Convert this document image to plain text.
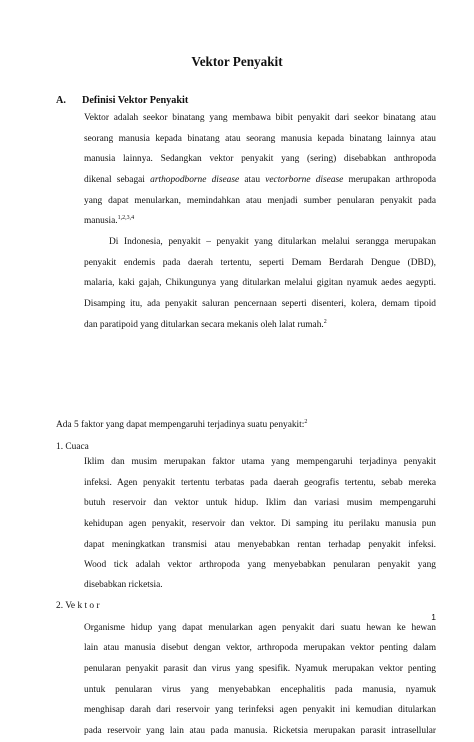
Vektor Penyakit
A. Definisi Vektor Penyakit
Vektor adalah seekor binatang yang membawa bibit penyakit dari seekor binatang atau
seorang manusia kepada binatang atau seorang manusia kepada binatang lainnya atau
manusia lainnya. Sedangkan vektor penyakit yang (sering) disebabkan anthropoda
dikenal sebagai arthopodborne disease atau vectorborne disease merupakan arthropoda
yang dapat menularkan, memindahkan atau menjadi sumber penularan penyakit pada
manusia.$^{1,2,3,4}$
Di Indonesia, penyakit – penyakit yang ditularkan melalui serangga merupakan
penyakit endemis pada daerah tertentu, seperti Demam Berdarah Dengue (DBD),
malaria, kaki gajah, Chikungunya yang ditularkan melalui gigitan nyamuk aedes aegypti.
Disamping itu, ada penyakit saluran pencernaan seperti disenteri, kolera, demam tipoid
dan paratipoid yang ditularkan secara mekanis oleh lalat rumah.$^2$
Ada 5 faktor yang dapat mempengaruhi terjadinya suatu penyakit:$^2$
1. Cuaca
Iklim dan musim merupakan faktor utama yang mempengaruhi terjadinya penyakit
infeksi. Agen penyakit tertentu terbatas pada daerah geografis tertentu, sebab mereka
butuh reservoir dan vektor untuk hidup. Iklim dan variasi musim mempengaruhi
kehidupan agen penyakit, reservoir dan vektor. Di samping itu perilaku manusia pun
dapat meningkatkan transmisi atau menyebabkan rentan terhadap penyakit infeksi.
Wood tick adalah vektor arthropoda yang menyebabkan penularan penyakit yang
disebabkan ricketsia.
2. Ve k t o r
Organisme hidup yang dapat menularkan agen penyakit dari suatu hewan ke hewan
lain atau manusia disebut dengan vektor, arthropoda merupakan vektor penting dalam
penularan penyakit parasit dan virus yang spesifik. Nyamuk merupakan vektor penting
untuk penularan virus yang menyebabkan encephalitis pada manusia, nyamuk
menghisap darah dari reservoir yang terinfeksi agen penyakit ini kemudian ditularkan
pada reservoir yang lain atau pada manusia. Ricketsia merupakan parasit intrasellular
1
